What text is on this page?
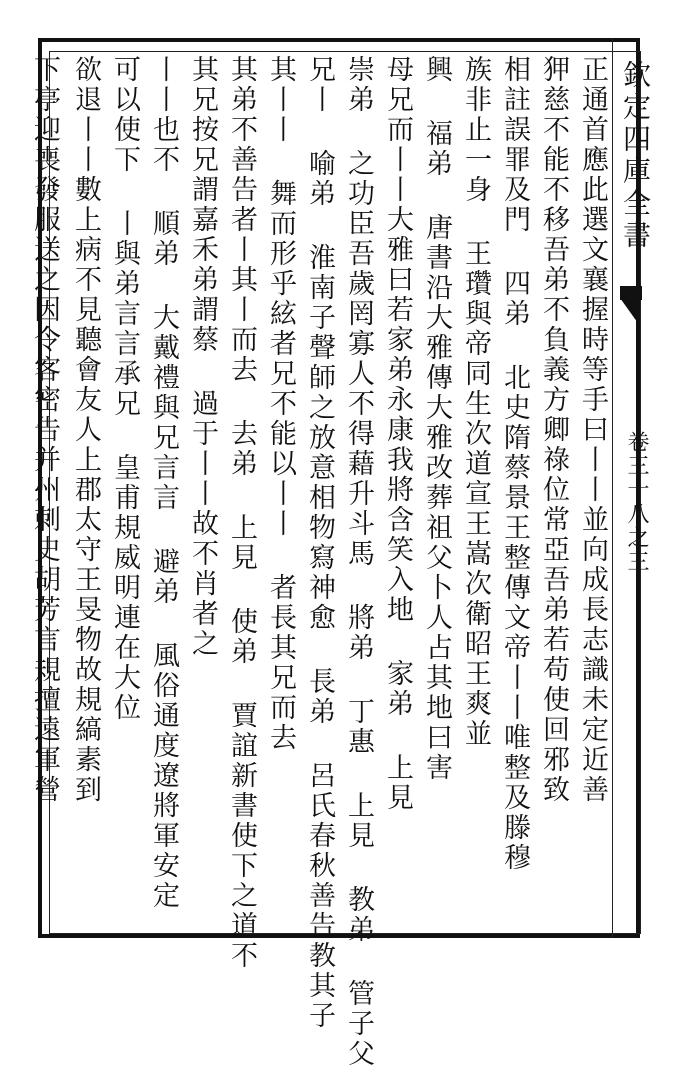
欽定四庫全書
卷三十八之三
正通首應此選文襄握時等手曰丨丨並向成長志識未定近善
狎慈不能不移吾弟不負義方卿祿位常亞吾弟若苟使回邪致
相註誤罪及門 四弟 北史隋蔡景王整傳文帝丨丨唯整及滕穆
族非止一身 王瓚與帝同生次道宣王嵩次衛昭王爽並
興 福弟 唐書沿大雅傳大雅改葬祖父卜人占其地曰害
母兄而丨丨大雅曰若家弟永康我將含笑入地 家弟 上見
崇弟 之功臣吾歲罔寡人不得藉升斗馬 將弟 丁惠 上見 教弟 管子父
兄丨 喻弟 淮南子聲師之放意相物寫神愈 長弟 呂氏春秋善告教其子
其丨丨 舞而形乎絃者兄不能以丨丨 者長其兄而去
其弟不善告者丨其丨而去 去弟 上見 使弟 賈誼新書使下之道不
其兄按兄謂嘉禾弟謂蔡 過于丨丨故不肖者之
丨丨也不 順弟 大戴禮與兄言言 避弟 風俗通度遼將軍安定
可以使下 丨與弟言言承兄 皇甫規威明連在大位
欲退丨丨數上病不見聽會友人上郡太守王旻物故規縞素到
下亭迎喪發服送之因令客密告并州刺史胡芳言規擅遠軍營
